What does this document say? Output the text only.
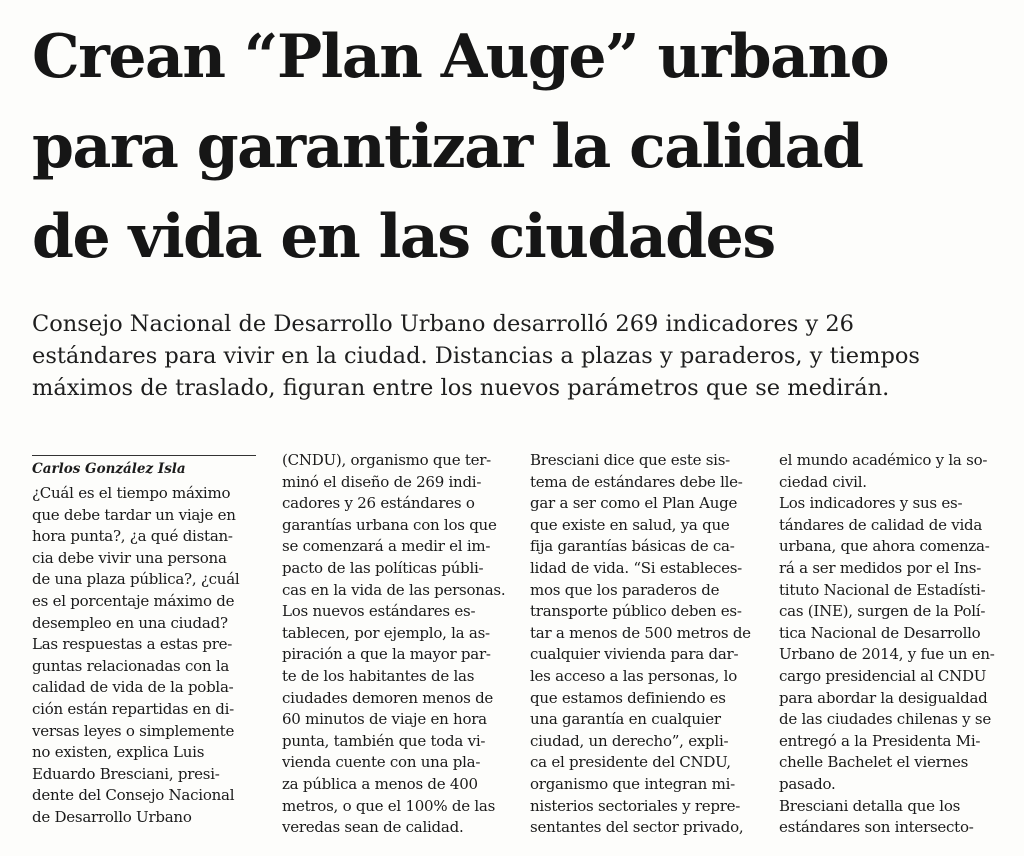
Crean “Plan Auge” urbano
para garantizar la calidad
de vida en las ciudades
Consejo Nacional de Desarrollo Urbano desarrolló 269 indicadores y 26
estándares para vivir en la ciudad. Distancias a plazas y paraderos, y tiempos
máximos de traslado, figuran entre los nuevos parámetros que se medirán.
Carlos González Isla
¿Cuál es el tiempo máximo
que debe tardar un viaje en
hora punta?, ¿a qué distan-
cia debe vivir una persona
de una plaza pública?, ¿cuál
es el porcentaje máximo de
desempleo en una ciudad?
Las respuestas a estas pre-
guntas relacionadas con la
calidad de vida de la pobla-
ción están repartidas en di-
versas leyes o simplemente
no existen, explica Luis
Eduardo Bresciani, presi-
dente del Consejo Nacional
de Desarrollo Urbano
(CNDU), organismo que ter-
minó el diseño de 269 indi-
cadores y 26 estándares o
garantías urbana con los que
se comenzará a medir el im-
pacto de las políticas públi-
cas en la vida de las personas.
Los nuevos estándares es-
tablecen, por ejemplo, la as-
piración a que la mayor par-
te de los habitantes de las
ciudades demoren menos de
60 minutos de viaje en hora
punta, también que toda vi-
vienda cuente con una pla-
za pública a menos de 400
metros, o que el 100% de las
veredas sean de calidad.
Bresciani dice que este sis-
tema de estándares debe lle-
gar a ser como el Plan Auge
que existe en salud, ya que
fija garantías básicas de ca-
lidad de vida. “Si estableces-
mos que los paraderos de
transporte público deben es-
tar a menos de 500 metros de
cualquier vivienda para dar-
les acceso a las personas, lo
que estamos definiendo es
una garantía en cualquier
ciudad, un derecho”, expli-
ca el presidente del CNDU,
organismo que integran mi-
nisterios sectoriales y repre-
sentantes del sector privado,
el mundo académico y la so-
ciedad civil.
Los indicadores y sus es-
tándares de calidad de vida
urbana, que ahora comenza-
rá a ser medidos por el Ins-
tituto Nacional de Estadísti-
cas (INE), surgen de la Polí-
tica Nacional de Desarrollo
Urbano de 2014, y fue un en-
cargo presidencial al CNDU
para abordar la desigualdad
de las ciudades chilenas y se
entregó a la Presidenta Mi-
chelle Bachelet el viernes
pasado.
Bresciani detalla que los
estándares son intersecto-
